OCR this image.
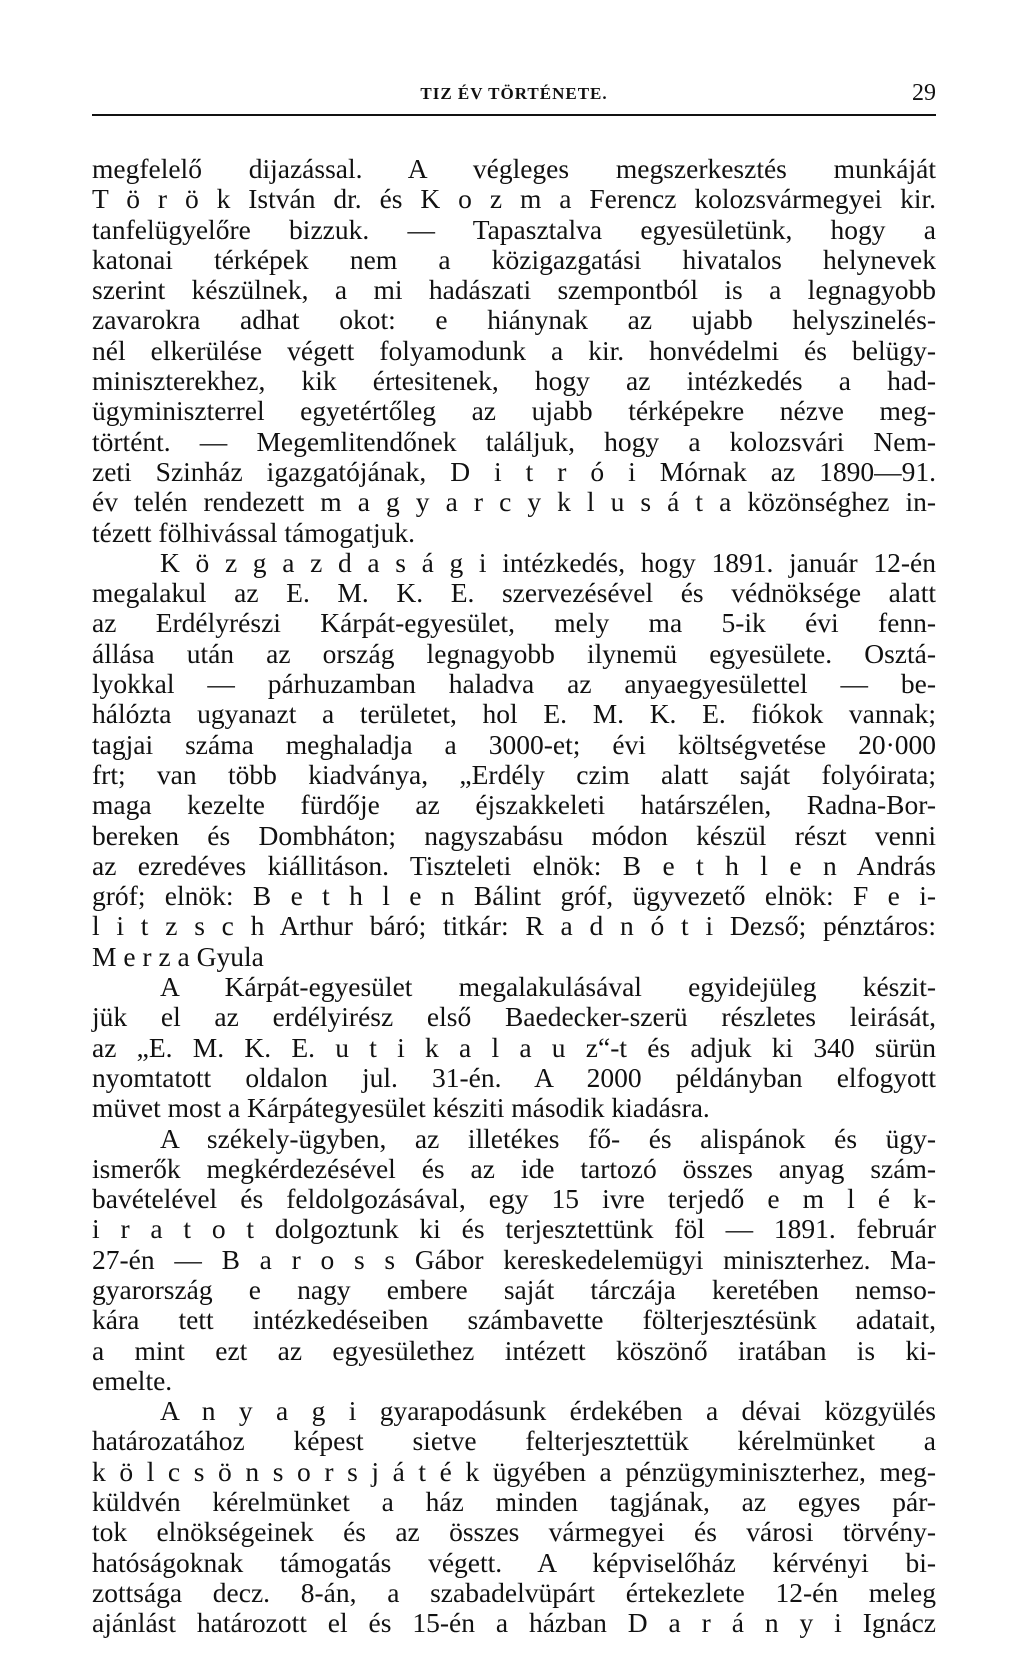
TIZ ÉV TÖRTÉNETE.	29
megfelelő dijazással. A végleges megszerkesztés munkáját
T ö r ö k István dr. és K o z m a Ferencz kolozsvármegyei kir.
tanfelügyelőre bizzuk. — Tapasztalva egyesületünk, hogy a
katonai térképek nem a közigazgatási hivatalos helynevek
szerint készülnek, a mi hadászati szempontból is a legnagyobb
zavarokra adhat okot: e hiánynak az ujabb helyszinelés-
nél elkerülése végett folyamodunk a kir. honvédelmi és belügy-
miniszterekhez, kik értesitenek, hogy az intézkedés a had-
ügyminiszterrel egyetértőleg az ujabb térképekre nézve meg-
történt. — Megemlitendőnek találjuk, hogy a kolozsvári Nem-
zeti Szinház igazgatójának, D i t r ó i Mórnak az 1890—91.
év telén rendezett m a g y a r c y k l u s á t a közönséghez in-
tézett fölhivással támogatjuk.
K ö z g a z d a s á g i intézkedés, hogy 1891. január 12-én
megalakul az E. M. K. E. szervezésével és védnöksége alatt
az Erdélyrészi Kárpát-egyesület, mely ma 5-ik évi fenn-
állása után az ország legnagyobb ilynemü egyesülete. Osztá-
lyokkal — párhuzamban haladva az anyaegyesülettel — be-
hálózta ugyanazt a területet, hol E. M. K. E. fiókok vannak;
tagjai száma meghaladja a 3000-et; évi költségvetése 20·000
frt; van több kiadványa, „Erdély czim alatt saját folyóirata;
maga kezelte fürdője az éjszakkeleti határszélen, Radna-Bor-
bereken és Dombháton; nagyszabásu módon készül részt venni
az ezredéves kiállitáson. Tiszteleti elnök: B e t h l e n András
gróf; elnök: B e t h l e n Bálint gróf, ügyvezető elnök: F e i-
l i t z s c h Arthur báró; titkár: R a d n ó t i Dezső; pénztáros:
M e r z a Gyula
A Kárpát-egyesület megalakulásával egyidejüleg készit-
jük el az erdélyirész első Baedecker-szerü részletes leirását,
az „E. M. K. E. u t i k a l a u z“-t és adjuk ki 340 sürün
nyomtatott oldalon jul. 31-én. A 2000 példányban elfogyott
müvet most a Kárpátegyesület késziti második kiadásra.
A székely-ügyben, az illetékes fő- és alispánok és ügy-
ismerők megkérdezésével és az ide tartozó összes anyag szám-
bavételével és feldolgozásával, egy 15 ivre terjedő e m l é k-
i r a t o t dolgoztunk ki és terjesztettünk föl — 1891. február
27-én — B a r o s s Gábor kereskedelemügyi miniszterhez. Ma-
gyarország e nagy embere saját tárczája keretében nemso-
kára tett intézkedéseiben számbavette fölterjesztésünk adatait,
a mint ezt az egyesülethez intézett köszönő iratában is ki-
emelte.
A n y a g i gyarapodásunk érdekében a dévai közgyülés
határozatához képest sietve felterjesztettük kérelmünket a
k ö l c s ö n s o r s j á t é k ügyében a pénzügyminiszterhez, meg-
küldvén kérelmünket a ház minden tagjának, az egyes pár-
tok elnökségeinek és az összes vármegyei és városi törvény-
hatóságoknak támogatás végett. A képviselőház kérvényi bi-
zottsága decz. 8-án, a szabadelvüpárt értekezlete 12-én meleg
ajánlást határozott el és 15-én a házban D a r á n y i Ignácz
